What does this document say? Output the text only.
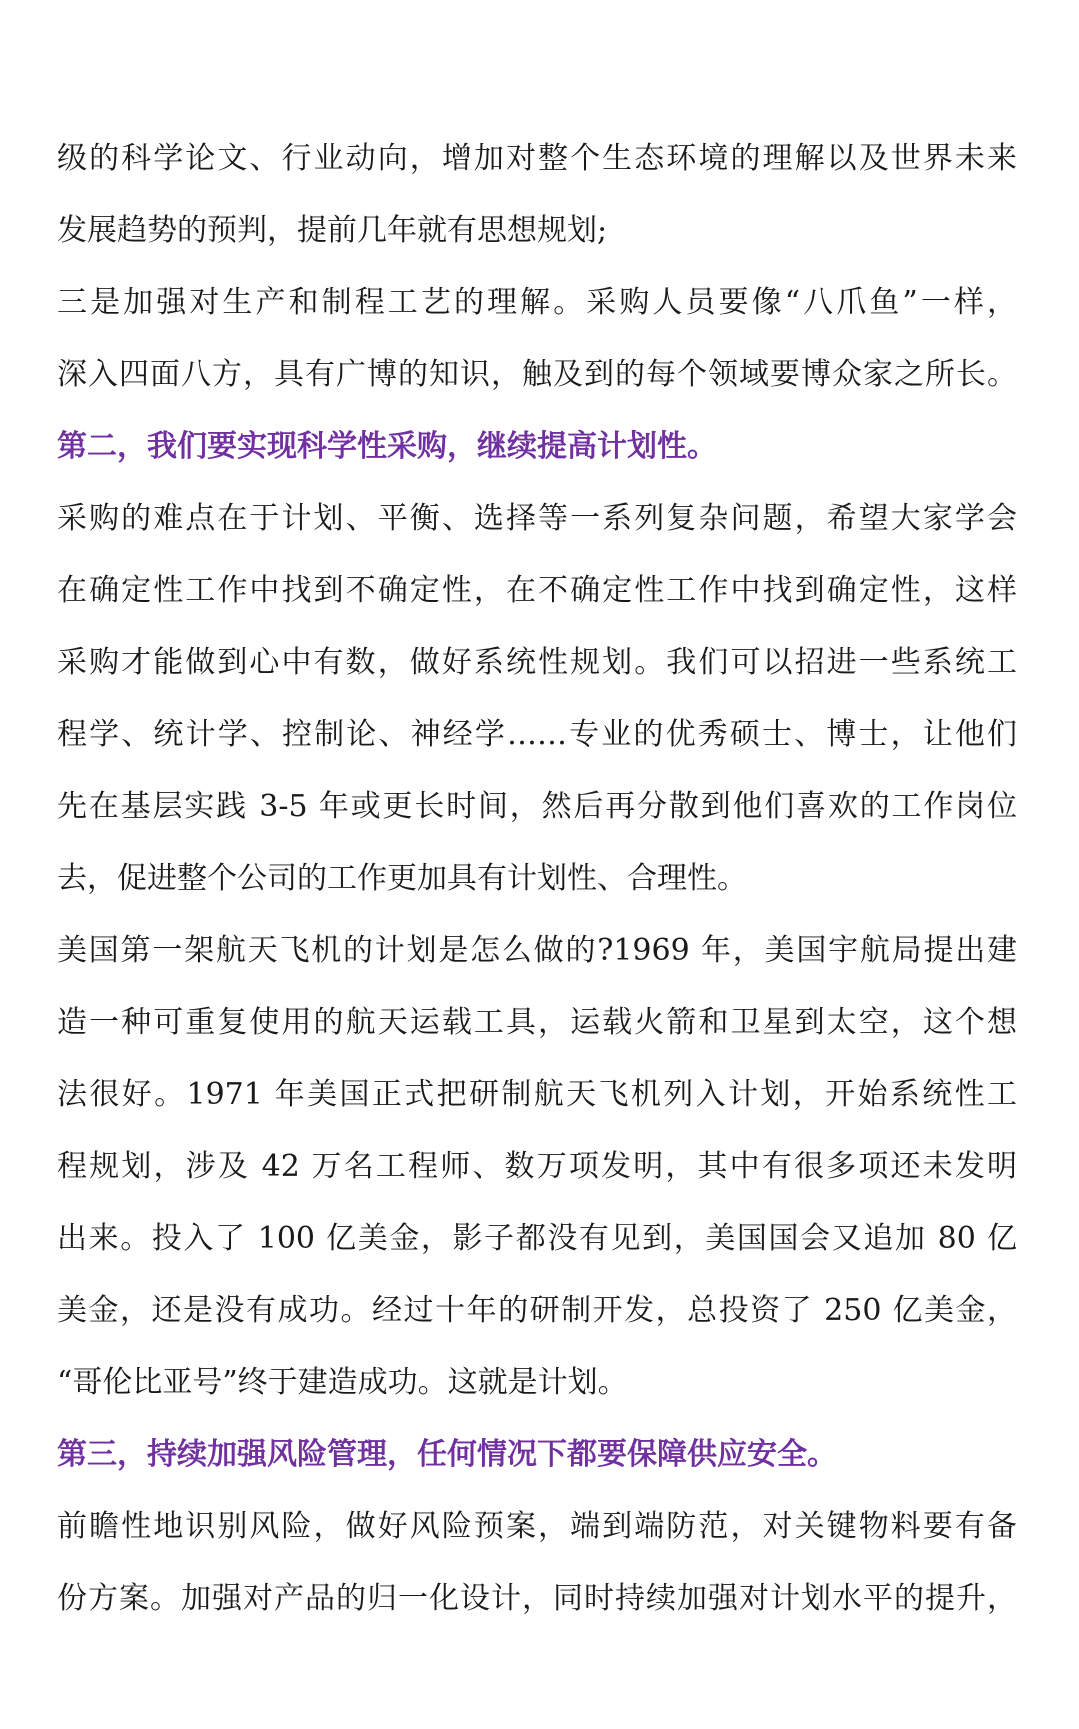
级的科学论文、行业动向，增加对整个生态环境的理解以及世界未来
发展趋势的预判，提前几年就有思想规划;
三是加强对生产和制程工艺的理解。采购人员要像“八爪鱼”一样，
深入四面八方，具有广博的知识，触及到的每个领域要博众家之所长。
第二，我们要实现科学性采购，继续提高计划性。
采购的难点在于计划、平衡、选择等一系列复杂问题，希望大家学会
在确定性工作中找到不确定性，在不确定性工作中找到确定性，这样
采购才能做到心中有数，做好系统性规划。我们可以招进一些系统工
程学、统计学、控制论、神经学……专业的优秀硕士、博士，让他们
先在基层实践 3-5 年或更长时间，然后再分散到他们喜欢的工作岗位
去，促进整个公司的工作更加具有计划性、合理性。
美国第一架航天飞机的计划是怎么做的?1969 年，美国宇航局提出建
造一种可重复使用的航天运载工具，运载火箭和卫星到太空，这个想
法很好。1971 年美国正式把研制航天飞机列入计划，开始系统性工
程规划，涉及 42 万名工程师、数万项发明，其中有很多项还未发明
出来。投入了 100 亿美金，影子都没有见到，美国国会又追加 80 亿
美金，还是没有成功。经过十年的研制开发，总投资了 250 亿美金，
“哥伦比亚号”终于建造成功。这就是计划。
第三，持续加强风险管理，任何情况下都要保障供应安全。
前瞻性地识别风险，做好风险预案，端到端防范，对关键物料要有备
份方案。加强对产品的归一化设计，同时持续加强对计划水平的提升，
